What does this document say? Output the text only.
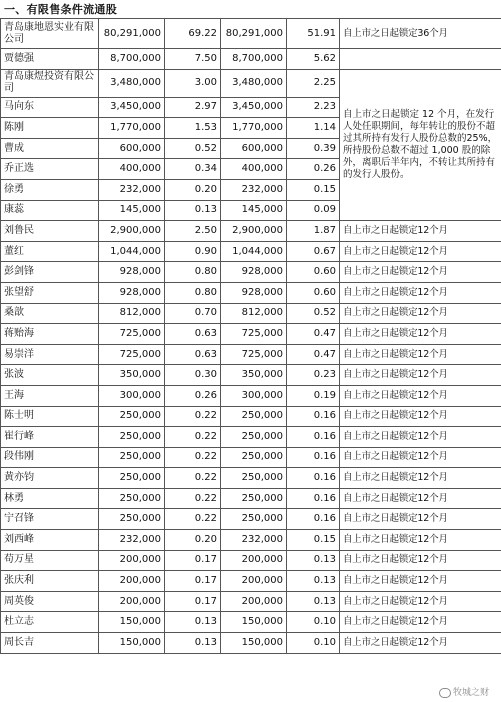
一、有限售条件流通股
青岛康地恩实业有限公司	80,291,000	69.22	80,291,000	51.91	自上市之日起锁定36个月
贾德强	8,700,000	7.50	8,700,000	5.62	
青岛康煜投资有限公司	3,480,000	3.00	3,480,000	2.25	自上市之日起锁定 12 个月，在发行人处任职期间，每年转让的股份不超过其所持有发行人股份总数的25%，所持股份总数不超过 1,000 股的除外，离职后半年内，不转让其所持有的发行人股份。
马向东	3,450,000	2.97	3,450,000	2.23	
陈刚	1,770,000	1.53	1,770,000	1.14	
曹成	600,000	0.52	600,000	0.39	
乔正选	400,000	0.34	400,000	0.26	
徐勇	232,000	0.20	232,000	0.15	
康蕊	145,000	0.13	145,000	0.09	
刘鲁民	2,900,000	2.50	2,900,000	1.87	自上市之日起锁定12个月
董红	1,044,000	0.90	1,044,000	0.67	自上市之日起锁定12个月
彭剑锋	928,000	0.80	928,000	0.60	自上市之日起锁定12个月
张望舒	928,000	0.80	928,000	0.60	自上市之日起锁定12个月
桑歆	812,000	0.70	812,000	0.52	自上市之日起锁定12个月
蒋贻海	725,000	0.63	725,000	0.47	自上市之日起锁定12个月
易崇洋	725,000	0.63	725,000	0.47	自上市之日起锁定12个月
张波	350,000	0.30	350,000	0.23	自上市之日起锁定12个月
王海	300,000	0.26	300,000	0.19	自上市之日起锁定12个月
陈士明	250,000	0.22	250,000	0.16	自上市之日起锁定12个月
崔行峰	250,000	0.22	250,000	0.16	自上市之日起锁定12个月
段伟刚	250,000	0.22	250,000	0.16	自上市之日起锁定12个月
黄亦钧	250,000	0.22	250,000	0.16	自上市之日起锁定12个月
林勇	250,000	0.22	250,000	0.16	自上市之日起锁定12个月
宁召锋	250,000	0.22	250,000	0.16	自上市之日起锁定12个月
刘西峰	232,000	0.20	232,000	0.15	自上市之日起锁定12个月
苟万星	200,000	0.17	200,000	0.13	自上市之日起锁定12个月
张庆利	200,000	0.17	200,000	0.13	自上市之日起锁定12个月
周英俊	200,000	0.17	200,000	0.13	自上市之日起锁定12个月
杜立志	150,000	0.13	150,000	0.10	自上市之日起锁定12个月
周长吉	150,000	0.13	150,000	0.10	自上市之日起锁定12个月
牧城之财
